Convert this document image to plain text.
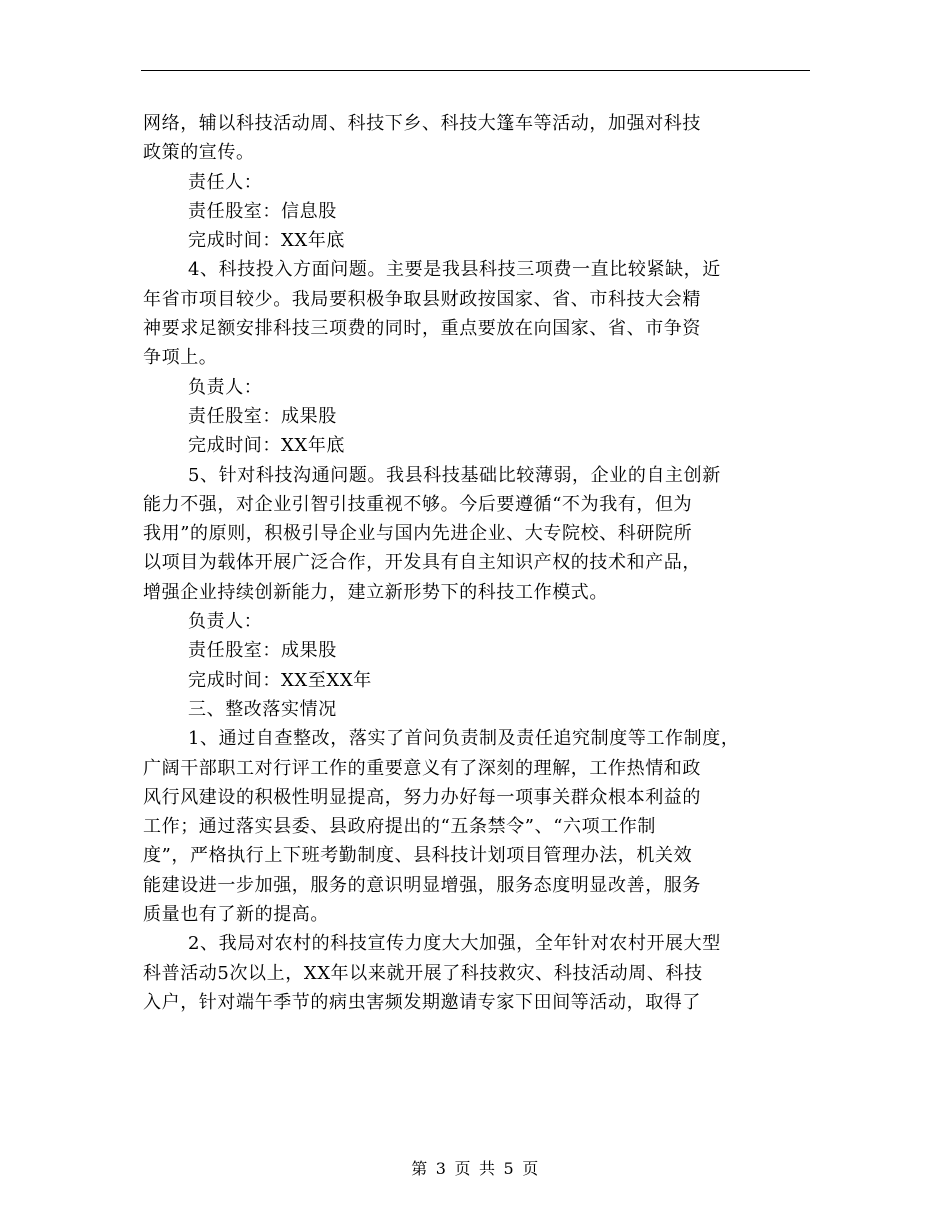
网络，辅以科技活动周、科技下乡、科技大篷车等活动，加强对科技
政策的宣传。
责任人：
责任股室：信息股
完成时间：XX年底
4、科技投入方面问题。主要是我县科技三项费一直比较紧缺，近
年省市项目较少。我局要积极争取县财政按国家、省、市科技大会精
神要求足额安排科技三项费的同时，重点要放在向国家、省、市争资
争项上。
负责人：
责任股室：成果股
完成时间：XX年底
5、针对科技沟通问题。我县科技基础比较薄弱，企业的自主创新
能力不强，对企业引智引技重视不够。今后要遵循“不为我有，但为
我用”的原则，积极引导企业与国内先进企业、大专院校、科研院所
以项目为载体开展广泛合作，开发具有自主知识产权的技术和产品，
增强企业持续创新能力，建立新形势下的科技工作模式。
负责人：
责任股室：成果股
完成时间：XX至XX年
三、整改落实情况
1、通过自查整改，落实了首问负责制及责任追究制度等工作制度，
广阔干部职工对行评工作的重要意义有了深刻的理解，工作热情和政
风行风建设的积极性明显提高，努力办好每一项事关群众根本利益的
工作；通过落实县委、县政府提出的“五条禁令”、“六项工作制
度”，严格执行上下班考勤制度、县科技计划项目管理办法，机关效
能建设进一步加强，服务的意识明显增强，服务态度明显改善，服务
质量也有了新的提高。
2、我局对农村的科技宣传力度大大加强，全年针对农村开展大型
科普活动5次以上，XX年以来就开展了科技救灾、科技活动周、科技
入户，针对端午季节的病虫害频发期邀请专家下田间等活动，取得了
第 3 页 共 5 页
